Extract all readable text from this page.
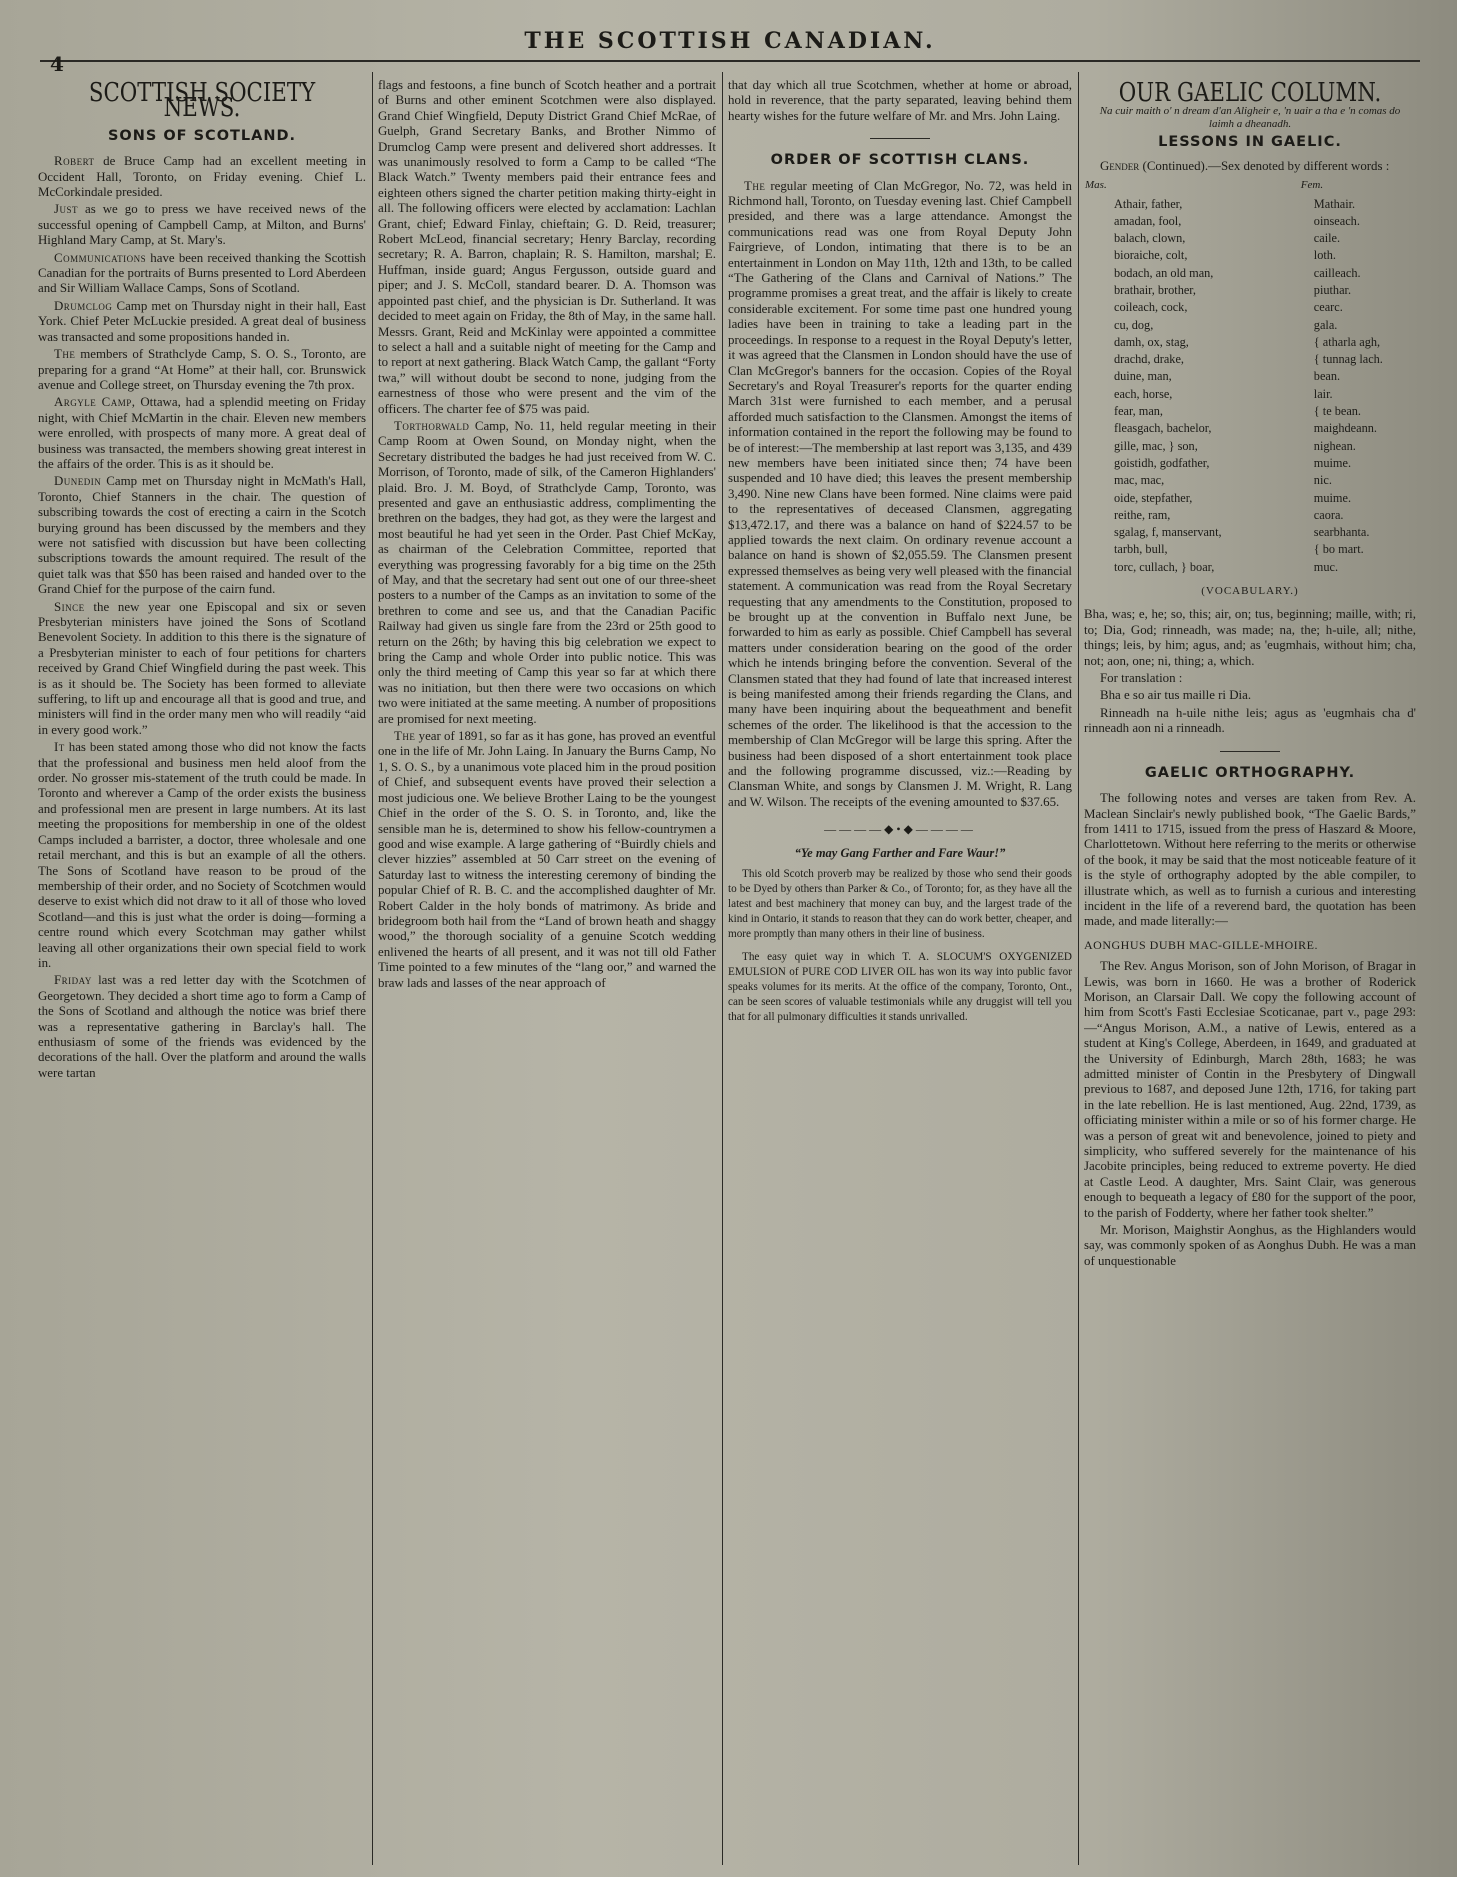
4
THE SCOTTISH CANADIAN.
SCOTTISH SOCIETY NEWS.
SONS OF SCOTLAND.

Robert de Bruce Camp had an excellent meeting in Occident Hall, Toronto, on Friday evening. Chief L. McCorkindale presided.

Just as we go to press we have received news of the successful opening of Campbell Camp, at Milton, and Burns' Highland Mary Camp, at St. Mary's.

Communications have been received thanking the Scottish Canadian for the portraits of Burns presented to Lord Aberdeen and Sir William Wallace Camps, Sons of Scotland.

Drumclog Camp met on Thursday night in their hall, East York. Chief Peter McLuckie presided. A great deal of business was transacted and some propositions handed in.

The members of Strathclyde Camp, S. O. S., Toronto, are preparing for a grand “At Home” at their hall, cor. Brunswick avenue and College street, on Thursday evening the 7th prox.

Argyle Camp, Ottawa, had a splendid meeting on Friday night, with Chief McMartin in the chair. Eleven new members were enrolled, with prospects of many more. A great deal of business was transacted, the members showing great interest in the affairs of the order. This is as it should be.

Dunedin Camp met on Thursday night in McMath's Hall, Toronto, Chief Stanners in the chair. The question of subscribing towards the cost of erecting a cairn in the Scotch burying ground has been discussed by the members and they were not satisfied with discussion but have been collecting subscriptions towards the amount required. The result of the quiet talk was that $50 has been raised and handed over to the Grand Chief for the purpose of the cairn fund.

Since the new year one Episcopal and six or seven Presbyterian ministers have joined the Sons of Scotland Benevolent Society. In addition to this there is the signature of a Presbyterian minister to each of four petitions for charters received by Grand Chief Wingfield during the past week. This is as it should be. The Society has been formed to alleviate suffering, to lift up and encourage all that is good and true, and ministers will find in the order many men who will readily “aid in every good work.”

It has been stated among those who did not know the facts that the professional and business men held aloof from the order. No grosser mis-statement of the truth could be made. In Toronto and wherever a Camp of the order exists the business and professional men are present in large numbers. At its last meeting the propositions for membership in one of the oldest Camps included a barrister, a doctor, three wholesale and one retail merchant, and this is but an example of all the others. The Sons of Scotland have reason to be proud of the membership of their order, and no Society of Scotchmen would deserve to exist which did not draw to it all of those who loved Scotland—and this is just what the order is doing—forming a centre round which every Scotchman may gather whilst leaving all other organizations their own special field to work in.

Friday last was a red letter day with the Scotchmen of Georgetown. They decided a short time ago to form a Camp of the Sons of Scotland and although the notice was brief there was a representative gathering in Barclay's hall. The enthusiasm of some of the friends was evidenced by the decorations of the hall. Over the platform and around the walls were tartan

flags and festoons, a fine bunch of Scotch heather and a portrait of Burns and other eminent Scotchmen were also displayed. Grand Chief Wingfield, Deputy District Grand Chief McRae, of Guelph, Grand Secretary Banks, and Brother Nimmo of Drumclog Camp were present and delivered short addresses. It was unanimously resolved to form a Camp to be called “The Black Watch.” Twenty members paid their entrance fees and eighteen others signed the charter petition making thirty-eight in all. The following officers were elected by acclamation: Lachlan Grant, chief; Edward Finlay, chieftain; G. D. Reid, treasurer; Robert McLeod, financial secretary; Henry Barclay, recording secretary; R. A. Barron, chaplain; R. S. Hamilton, marshal; E. Huffman, inside guard; Angus Fergusson, outside guard and piper; and J. S. McColl, standard bearer. D. A. Thomson was appointed past chief, and the physician is Dr. Sutherland. It was decided to meet again on Friday, the 8th of May, in the same hall. Messrs. Grant, Reid and McKinlay were appointed a committee to select a hall and a suitable night of meeting for the Camp and to report at next gathering. Black Watch Camp, the gallant “Forty twa,” will without doubt be second to none, judging from the earnestness of those who were present and the vim of the officers. The charter fee of $75 was paid.

Torthorwald Camp, No. 11, held regular meeting in their Camp Room at Owen Sound, on Monday night, when the Secretary distributed the badges he had just received from W. C. Morrison, of Toronto, made of silk, of the Cameron Highlanders' plaid. Bro. J. M. Boyd, of Strathclyde Camp, Toronto, was presented and gave an enthusiastic address, complimenting the brethren on the badges, they had got, as they were the largest and most beautiful he had yet seen in the Order. Past Chief McKay, as chairman of the Celebration Committee, reported that everything was progressing favorably for a big time on the 25th of May, and that the secretary had sent out one of our three-sheet posters to a number of the Camps as an invitation to some of the brethren to come and see us, and that the Canadian Pacific Railway had given us single fare from the 23rd or 25th good to return on the 26th; by having this big celebration we expect to bring the Camp and whole Order into public notice. This was only the third meeting of Camp this year so far at which there was no initiation, but then there were two occasions on which two were initiated at the same meeting. A number of propositions are promised for next meeting.

The year of 1891, so far as it has gone, has proved an eventful one in the life of Mr. John Laing. In January the Burns Camp, No 1, S. O. S., by a unanimous vote placed him in the proud position of Chief, and subsequent events have proved their selection a most judicious one. We believe Brother Laing to be the youngest Chief in the order of the S. O. S. in Toronto, and, like the sensible man he is, determined to show his fellow-countrymen a good and wise example. A large gathering of “Buirdly chiels and clever hizzies” assembled at 50 Carr street on the evening of Saturday last to witness the interesting ceremony of binding the popular Chief of R. B. C. and the accomplished daughter of Mr. Robert Calder in the holy bonds of matrimony. As bride and bridegroom both hail from the “Land of brown heath and shaggy wood,” the thorough sociality of a genuine Scotch wedding enlivened the hearts of all present, and it was not till old Father Time pointed to a few minutes of the “lang oor,” and warned the braw lads and lasses of the near approach of

that day which all true Scotchmen, whether at home or abroad, hold in reverence, that the party separated, leaving behind them hearty wishes for the future welfare of Mr. and Mrs. John Laing.

ORDER OF SCOTTISH CLANS.

The regular meeting of Clan McGregor, No. 72, was held in Richmond hall, Toronto, on Tuesday evening last. Chief Campbell presided, and there was a large attendance. Amongst the communications read was one from Royal Deputy John Fairgrieve, of London, intimating that there is to be an entertainment in London on May 11th, 12th and 13th, to be called “The Gathering of the Clans and Carnival of Nations.” The programme promises a great treat, and the affair is likely to create considerable excitement. For some time past one hundred young ladies have been in training to take a leading part in the proceedings. In response to a request in the Royal Deputy's letter, it was agreed that the Clansmen in London should have the use of Clan McGregor's banners for the occasion. Copies of the Royal Secretary's and Royal Treasurer's reports for the quarter ending March 31st were furnished to each member, and a perusal afforded much satisfaction to the Clansmen. Amongst the items of information contained in the report the following may be found to be of interest:—The membership at last report was 3,135, and 439 new members have been initiated since then; 74 have been suspended and 10 have died; this leaves the present membership 3,490. Nine new Clans have been formed. Nine claims were paid to the representatives of deceased Clansmen, aggregating $13,472.17, and there was a balance on hand of $224.57 to be applied towards the next claim. On ordinary revenue account a balance on hand is shown of $2,055.59. The Clansmen present expressed themselves as being very well pleased with the financial statement. A communication was read from the Royal Secretary requesting that any amendments to the Constitution, proposed to be brought up at the convention in Buffalo next June, be forwarded to him as early as possible. Chief Campbell has several matters under consideration bearing on the good of the order which he intends bringing before the convention. Several of the Clansmen stated that they had found of late that increased interest is being manifested among their friends regarding the Clans, and many have been inquiring about the bequeathment and benefit schemes of the order. The likelihood is that the accession to the membership of Clan McGregor will be large this spring. After the business had been disposed of a short entertainment took place and the following programme discussed, viz.:—Reading by Clansman White, and songs by Clansmen J. M. Wright, R. Lang and W. Wilson. The receipts of the evening amounted to $37.65.

————◆•◆————
“Ye may Gang Farther and Fare Waur!”

This old Scotch proverb may be realized by those who send their goods to be Dyed by others than Parker & Co., of Toronto; for, as they have all the latest and best machinery that money can buy, and the largest trade of the kind in Ontario, it stands to reason that they can do work better, cheaper, and more promptly than many others in their line of business.

The easy quiet way in which T. A. SLOCUM'S OXYGENIZED EMULSION of PURE COD LIVER OIL has won its way into public favor speaks volumes for its merits. At the office of the company, Toronto, Ont., can be seen scores of valuable testimonials while any druggist will tell you that for all pulmonary difficulties it stands unrivalled.

OUR GAELIC COLUMN.
Na cuir maith o' n dream d'an Aligheir e, 'n uair a tha e 'n comas do laimh a dheanadh.
LESSONS IN GAELIC.

Gender (Continued).—Sex denoted by different words :

Mas.	Fem.
Athair, father,	Mathair.
amadan, fool,	oinseach.
balach, clown,	caile.
bioraiche, colt,	loth.
bodach, an old man,	cailleach.
brathair, brother,	piuthar.
coileach, cock,	cearc.
cu, dog,	gala.
damh, ox, stag,	{ atharla agh,
drachd, drake,	{ tunnag lach.
duine, man,	bean.
each, horse,	lair.
fear, man,	{ te bean.
fleasgach, bachelor,	maighdeann.
gille, mac, } son,	nighean.
goistidh, godfather,	muime.
mac, mac,	nic.
oide, stepfather,	muime.
reithe, ram,	caora.
sgalag, f, manservant,	searbhanta.
tarbh, bull,	{ bo mart.
torc, cullach, } boar,	muc.
(VOCABULARY.)

Bha, was; e, he; so, this; air, on; tus, beginning; maille, with; ri, to; Dia, God; rinneadh, was made; na, the; h-uile, all; nithe, things; leis, by him; agus, and; as 'eugmhais, without him; cha, not; aon, one; ni, thing; a, which.

For translation :

Bha e so air tus maille ri Dia.

Rinneadh na h-uile nithe leis; agus as 'eugmhais cha d' rinneadh aon ni a rinneadh.

GAELIC ORTHOGRAPHY.

The following notes and verses are taken from Rev. A. Maclean Sinclair's newly published book, “The Gaelic Bards,” from 1411 to 1715, issued from the press of Haszard & Moore, Charlottetown. Without here referring to the merits or otherwise of the book, it may be said that the most noticeable feature of it is the style of orthography adopted by the able compiler, to illustrate which, as well as to furnish a curious and interesting incident in the life of a reverend bard, the quotation has been made, and made literally:—

AONGHUS DUBH MAC-GILLE-MHOIRE.

The Rev. Angus Morison, son of John Morison, of Bragar in Lewis, was born in 1660. He was a brother of Roderick Morison, an Clarsair Dall. We copy the following account of him from Scott's Fasti Ecclesiae Scoticanae, part v., page 293:—“Angus Morison, A.M., a native of Lewis, entered as a student at King's College, Aberdeen, in 1649, and graduated at the University of Edinburgh, March 28th, 1683; he was admitted minister of Contin in the Presbytery of Dingwall previous to 1687, and deposed June 12th, 1716, for taking part in the late rebellion. He is last mentioned, Aug. 22nd, 1739, as officiating minister within a mile or so of his former charge. He was a person of great wit and benevolence, joined to piety and simplicity, who suffered severely for the maintenance of his Jacobite principles, being reduced to extreme poverty. He died at Castle Leod. A daughter, Mrs. Saint Clair, was generous enough to bequeath a legacy of £80 for the support of the poor, to the parish of Fodderty, where her father took shelter.”

Mr. Morison, Maighstir Aonghus, as the Highlanders would say, was commonly spoken of as Aonghus Dubh. He was a man of unquestionable
